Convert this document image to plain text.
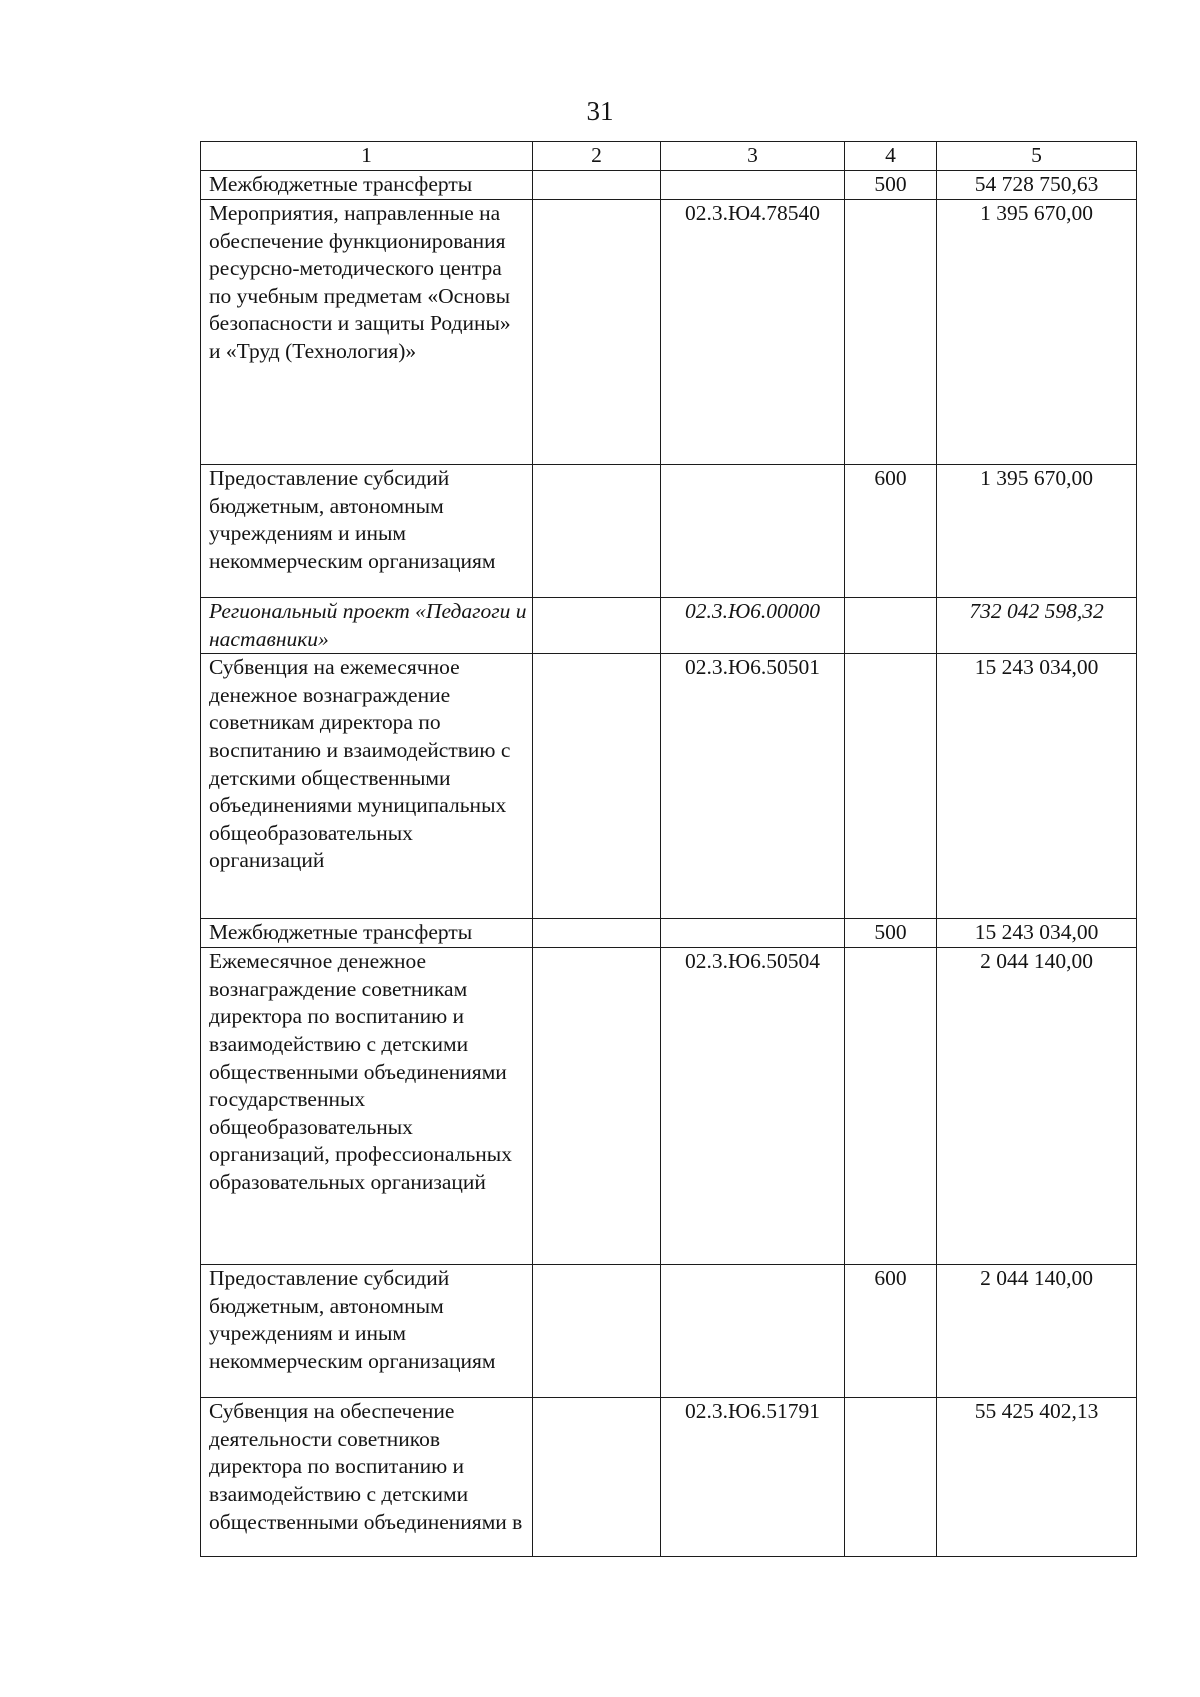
31
1	2	3	4	5
Межбюджетные трансферты			500	54 728 750,63
Мероприятия, направленные на обеспечение функционирования ресурсно-методического центра по учебным предметам «Основы безопасности и защиты Родины» и «Труд (Технология)»		02.3.Ю4.78540		1 395 670,00
Предоставление субсидий бюджетным, автономным учреждениям и иным некоммерческим организациям			600	1 395 670,00
Региональный проект «Педагоги и наставники»		02.3.Ю6.00000		732 042 598,32
Субвенция на ежемесячное денежное вознаграждение советникам директора по воспитанию и взаимодействию с детскими общественными объединениями муниципальных общеобразовательных организаций		02.3.Ю6.50501		15 243 034,00
Межбюджетные трансферты			500	15 243 034,00
Ежемесячное денежное вознаграждение советникам директора по воспитанию и взаимодействию с детскими общественными объединениями государственных общеобразовательных организаций, профессиональных образовательных организаций		02.3.Ю6.50504		2 044 140,00
Предоставление субсидий бюджетным, автономным учреждениям и иным некоммерческим организациям			600	2 044 140,00
Субвенция на обеспечение деятельности советников директора по воспитанию и взаимодействию с детскими общественными объединениями в		02.3.Ю6.51791		55 425 402,13
